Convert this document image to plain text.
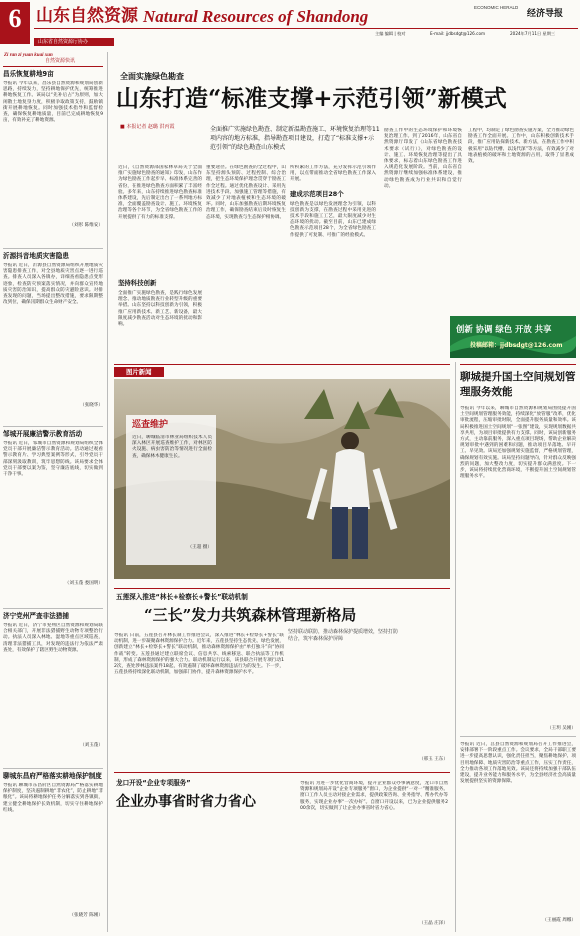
6 山东自然资源 Natural Resources of Shandong	ECONOMIC HERALD
经济导报
主编 编辑 | 校对	E-mail: jjdbsdgt@126.com	2024年7月11日 星期三
山东省自然资源厅协办
Zi ran zi yuan kuai xun
自然资源快讯
昌乐恢复耕地9亩
导报讯 今年以来，昌乐县自然资源和规划局创新思路，持续发力，坚持耕地保护优先，统筹推进耕地恢复工作。该局以“先补后占”为原则，加大闲散土地复垦力度，积极争取政策支持，鼓励镇街开展耕地恢复。同时加强技术指导和监督检查，确保恢复耕地质量，目前已完成耕地恢复9亩，有效补充了耕地资源。
（刘彤 陈维安）
沂源抖音地质灾害隐患
导报讯 近日，沂源县自然资源局组织开展地质灾害隐患排查工作，对全县地质灾害点逐一进行巡查。排查人员深入各镇办，详细查看隐患点变形迹象，检查防灾预案落实情况，并向群众宣传地质灾害防治知识，提高群众防灾避险意识。对排查发现的问题，当场提出整改措施，要求限期整改到位，确保汛期群众生命财产安全。
（张晓华）
邹城开展廉洁警示教育活动
导报讯 近日，邹城市自然资源和规划局组织全体党员干部开展廉洁警示教育活动。活动通过观看警示教育片、学习典型案例等形式，引导党员干部深刻汲取教训，筑牢思想防线。该局要求全体党员干部要以案为鉴，坚守廉洁底线，切实做到干净干事。
（刘玉蓬 娄国明）
济宁党州严查非法猎捕
导报讯 近日，济宁市兖州区自然资源和规划局联合相关部门，开展非法猎捕野生动物专项整治行动。执法人员深入林地、湿地等重点区域巡查，清理非法猎捕工具，对发现的违法行为依法严肃查处，有效保护了辖区野生动物资源。
（刘玉蓬）
聊城东昌府严格落实耕地保护制度
导报讯 聊城市东昌府区自然资源局严格落实耕地保护制度，坚决遏制耕地“非农化”，防止耕地“非粮化”。该局将耕地保护任务分解落实到各镇街，建立健全耕地保护长效机制，切实守住耕地保护红线。
（张晓芳 陈刚）
全面实施绿色勘查
山东打造“标准支撑+示范引领”新模式
■ 本报记者 赵璐 洪丙霞	全面推广实施绿色勘查、制定新温勘查施工、环境恢复治理等11项内容的地方标准，指导勘查项目建设，打造了“标准支撑+示范引领”的绿色勘查山东模式
近日，《自然资源部国家林草局关于全面推广实施绿色勘查的通知》印发，山东作为绿色勘查工作起步早、标准体系完善的省份，在推进绿色勘查方面积累了丰富经验。多年来，山东持续推进绿色勘查标准体系建设，先后制定出台了一系列地方标准，全面覆盖勘查设计、施工、环境恢复治理等各个环节，为全省绿色勘查工作的开展提供了有力的标准支撑。
坚持科技创新
全面推广实施绿色勘查，是践行绿色发展理念、推动地质勘查行业转型升级的重要举措。山东坚持以科技创新为引领，积极推广应用新技术、新工艺、新设备，最大限度减少勘查活动对生态环境的扰动和影响。
重要途径。在绿色勘查的全过程中，山东坚持源头预防、过程控制、综合治理，把生态环境保护理念贯穿于勘查工作全过程。通过优化勘查设计、采用先进技术手段、加强施工管理等措施，有效减少了对地表植被和生态环境的破坏。同时，山东加强勘查后期环境恢复治理工作，确保勘查结束后及时恢复生态环境，实现勘查与生态保护相协调。
所积累的工作方法，充分发挥示范引领作用，以点带面推动全省绿色勘查工作深入开展。
建成示范项目28个
绿色勘查是以绿色发展理念为引领，以科技创新为支撑，在勘查过程中采用先进的技术手段和施工工艺，最大限度减少对生态环境的扰动。截至目前，山东已建成绿色勘查示范项目28个，为全省绿色勘查工作提供了可复制、可推广的经验模式。
勘查工作中的生态环境保护和环境恢复治理工作。到了2016年，山东省自然资源厅印发了《山东省绿色勘查技术要求（试行）》，对绿色勘查的设计、施工、环境恢复治理等提出了具体要求，标志着山东绿色勘查工作进入规范化发展阶段。当前，山东省自然资源厅继续加强标准体系建设，推动绿色勘查成为行业共识和自觉行动。
工程中，均制定了绿色勘查实施方案，全力推动绿色勘查工作全面开展。工作中，山东积极创新技术手段，推广应用钻探新技术、新方法，在勘查工作中积极采用“以钻代槽、以浅代深”等方法，有效减少了对地表植被的破坏和土地资源的占用，取得了显著成效。
创新 协调 绿色 开放 共享
投稿邮箱：jjdbsdgt@126.com
图片新闻
巡查维护
近日，聊城临清市林业局组织技术人员深入林区开展巡查维护工作，对林区防火设施、病虫害防治等情况进行全面检查，确保林木健康生长。
（王超 摄）
聊城提升国土空间规划管理服务效能
导报讯 今年以来，聊城市自然资源和规划局围绕提升国土空间规划管理服务效能，持续深化“放管服”改革，优化审批流程，压缩审批时限，全面提升服务质量和效率。该局积极推进国土空间规划“一张图”建设，实现规划数据共享共用，为项目审批提供有力支撑。同时，该局创新服务方式，主动靠前服务，深入重点项目现场，帮助企业解决规划审批中遇到的困难和问题，推动项目早落地、早开工、早见效。该局还加强规划实施监督，严格规划管理，确保规划有效实施。该局坚持问题导向，针对群众反映强烈的问题，加大整改力度，切实提升群众满意度。下一步，该局将持续优化营商环境，不断提升国土空间规划管理服务水平。
（王玥 吴刚）
导报讯 近日，莒县自然资源和规划局召开工作推进会，安排部署下一阶段重点工作。会议要求，全局干部职工要进一步提高思想认识，强化责任担当，聚焦耕地保护、项目用地保障、地质灾害防治等重点工作，压实工作责任，全力推动各项工作落地见效。该局还将持续加强干部队伍建设，提升业务能力和服务水平，为全县经济社会高质量发展提供坚实的资源保障。
（王丽霞 周娜）
五莲深入推进“林长+检察长+警长”联动机制
“三长”发力共筑森林管理新格局
坚持联动联防，推动森林保护提质增效，坚持打防结合，筑牢森林保护屏障
导报讯 日前，五莲县召开林长制工作推进会议，深入推进“林长+检察长+警长”联动机制，进一步凝聚森林资源保护合力。近年来，五莲县坚持生态优先、绿色发展，创新建立“林长+检察长+警长”联动机制，推动森林资源保护由“单打独斗”向“协同作战”转变。五莲县通过建立联席会议、信息共享、线索移送、联合执法等工作机制，形成了森林资源保护的强大合力。联动机制运行以来，该县联合开展专项行动12次，查处涉林违法案件18起，有效遏制了破坏森林资源违法行为的发生。下一步，五莲县将持续深化联动机制，加强部门协作，提升森林资源保护水平。
（邢玉 王东）
龙口开设“企业专项服务”
企业办事省时省力省心
导报讯 为进一步优化营商环境，提升企业群众办事满意度，龙口市自然资源和规划局开设“企业专项服务”窗口，为企业提供“一对一”精准服务。窗口工作人员主动对接企业需求，提供政策咨询、业务指导、帮办代办等服务，实现企业办事“一次办好”。自窗口开设以来，已为企业提供服务200余次，切实做到了让企业办事省时省力省心。
（王晶 庄泽）
